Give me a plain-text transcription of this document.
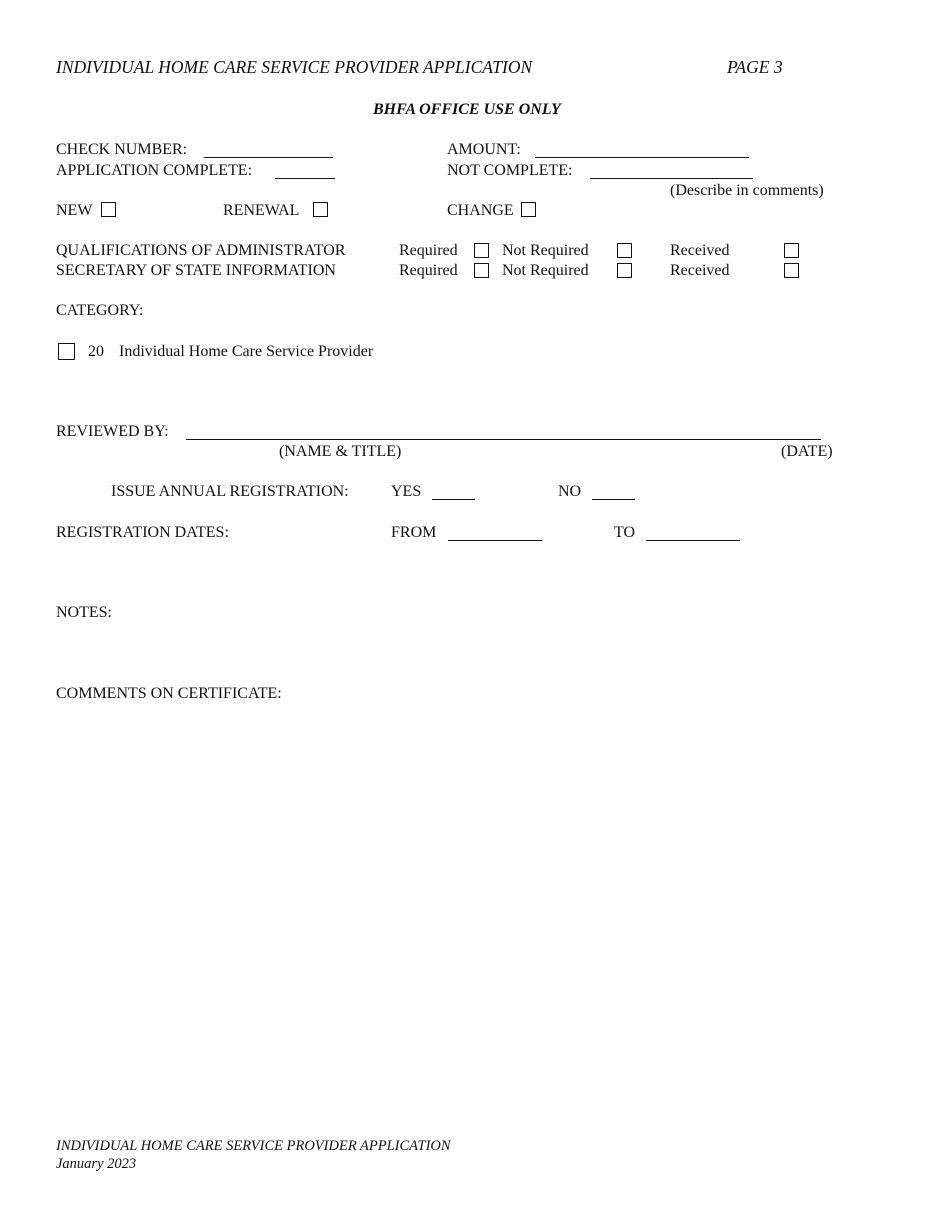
INDIVIDUAL HOME CARE SERVICE PROVIDER APPLICATION	PAGE 3
BHFA OFFICE USE ONLY
CHECK NUMBER:	AMOUNT:
APPLICATION COMPLETE:	NOT COMPLETE:
(Describe in comments)
NEW	RENEWAL	CHANGE
QUALIFICATIONS OF ADMINISTRATOR	Required	Not Required	Received
SECRETARY OF STATE INFORMATION	Required	Not Required	Received
CATEGORY:
20 Individual Home Care Service Provider
REVIEWED BY:
(NAME & TITLE)	(DATE)
ISSUE ANNUAL REGISTRATION:	YES	NO
REGISTRATION DATES:	FROM	TO
NOTES:
COMMENTS ON CERTIFICATE:
INDIVIDUAL HOME CARE SERVICE PROVIDER APPLICATION
January 2023
